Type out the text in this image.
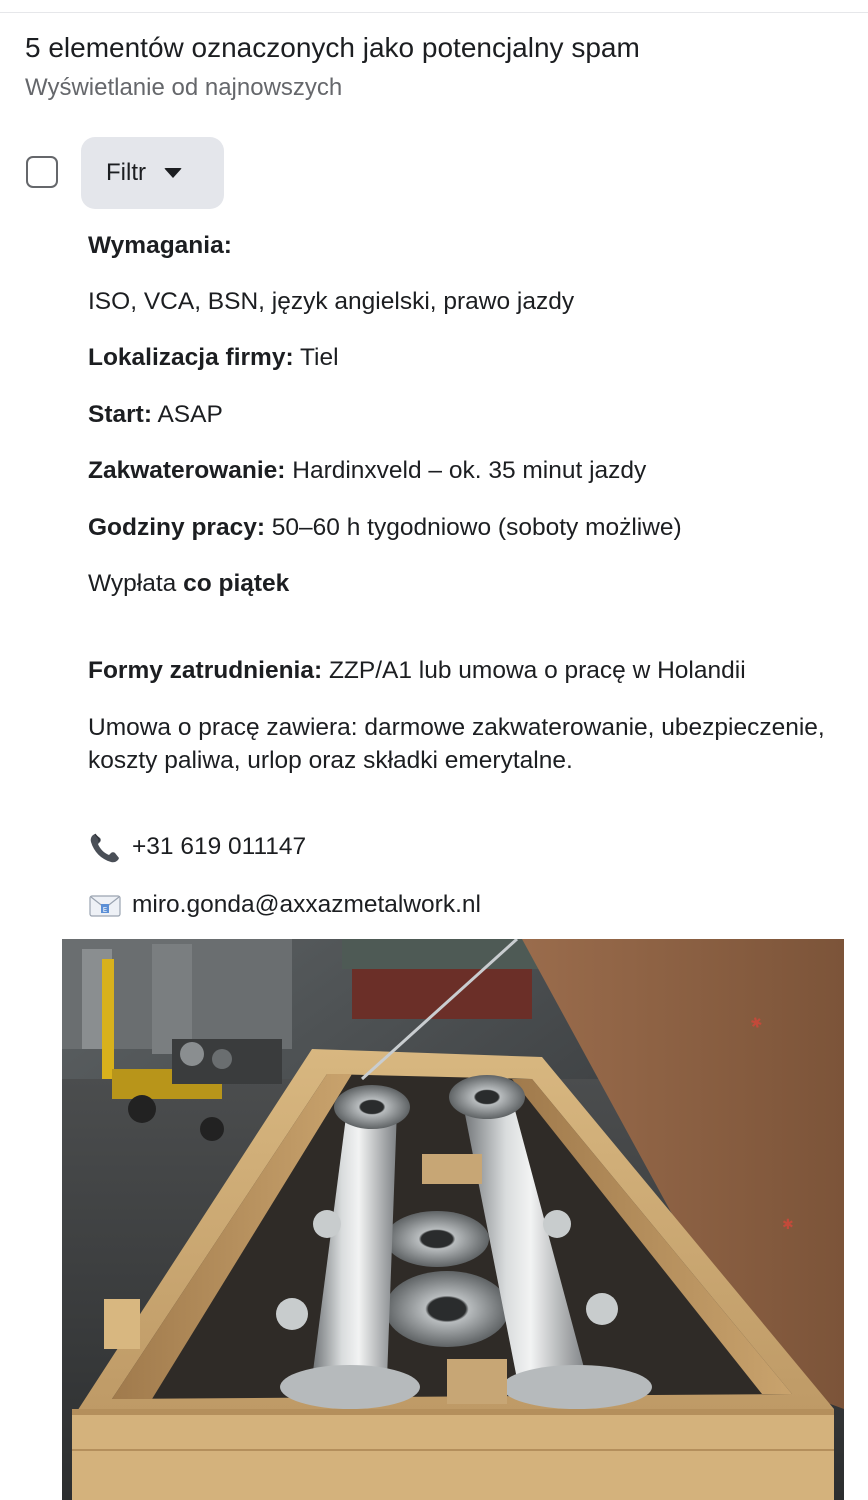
5 elementów oznaczonych jako potencjalny spam
Wyświetlanie od najnowszych
Filtr
Wymagania:
ISO, VCA, BSN, język angielski, prawo jazdy
Lokalizacja firmy: Tiel
Start: ASAP
Zakwaterowanie: Hardinxveld – ok. 35 minut jazdy
Godziny pracy: 50–60 h tygodniowo (soboty możliwe)
Wypłata co piątek
Formy zatrudnienia: ZZP/A1 lub umowa o pracę w Holandii
Umowa o pracę zawiera: darmowe zakwaterowanie, ubezpieczenie, koszty paliwa, urlop oraz składki emerytalne.
+31 619 011147
E miro.gonda@axxazmetalwork.nl
✱
✱
